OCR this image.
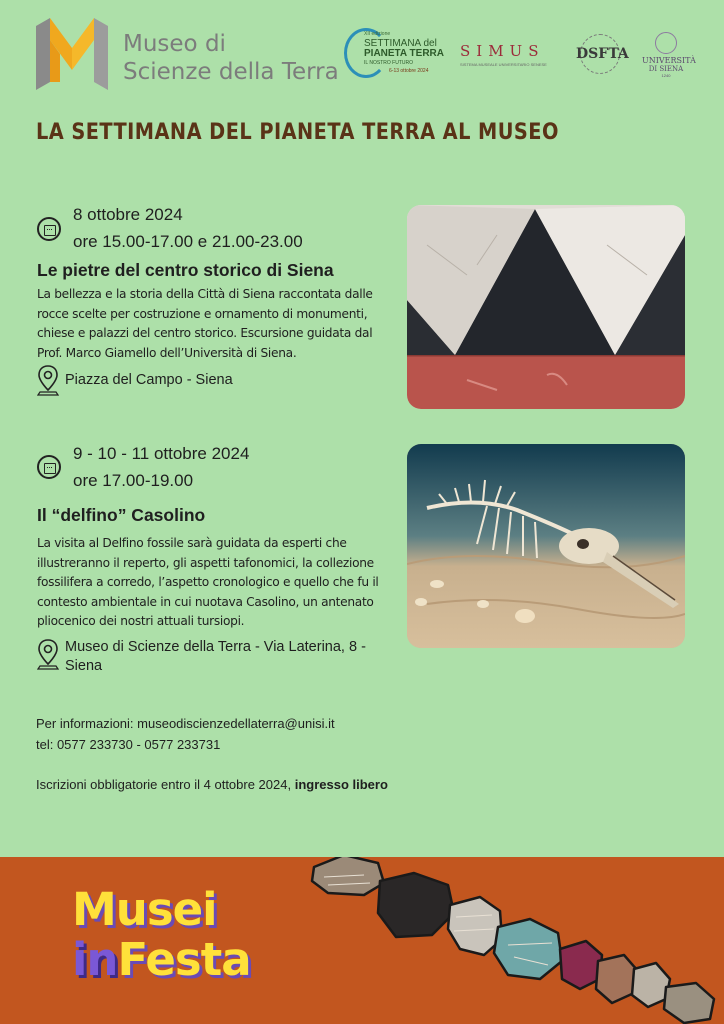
Museo di
Scienze della Terra
XII edizione
SETTIMANA del
PIANETA TERRA
IL NOSTRO FUTURO
6-13 ottobre 2024
SIMUS
SISTEMA MUSEALE UNIVERSITARIO SENESE
DSFTA UNIVERSITÀ
DI SIENA
1240
LA SETTIMANA DEL PIANETA TERRA AL MUSEO
8 ottobre 2024
ore 15.00-17.00 e 21.00-23.00
Le pietre del centro storico di Siena
La bellezza e la storia della Città di Siena raccontata dalle rocce scelte per costruzione e ornamento di monumenti, chiese e palazzi del centro storico. Escursione guidata dal Prof. Marco Giamello dell’Università di Siena.
Piazza del Campo - Siena
9 - 10 - 11 ottobre 2024
ore 17.00-19.00
Il “delfino” Casolino
La visita al Delfino fossile sarà guidata da esperti che illustreranno il reperto, gli aspetti tafonomici, la collezione fossilifera a corredo, l’aspetto cronologico e quello che fu il contesto ambientale in cui nuotava Casolino, un antenato pliocenico dei nostri attuali tursiopi.
Museo di Scienze della Terra - Via Laterina, 8 -
Siena
Per informazioni: museodiscienzedellaterra@unisi.it
tel: 0577 233730 - 0577 233731
Iscrizioni obbligatorie entro il 4 ottobre 2024, ingresso libero
Musei
inFesta
